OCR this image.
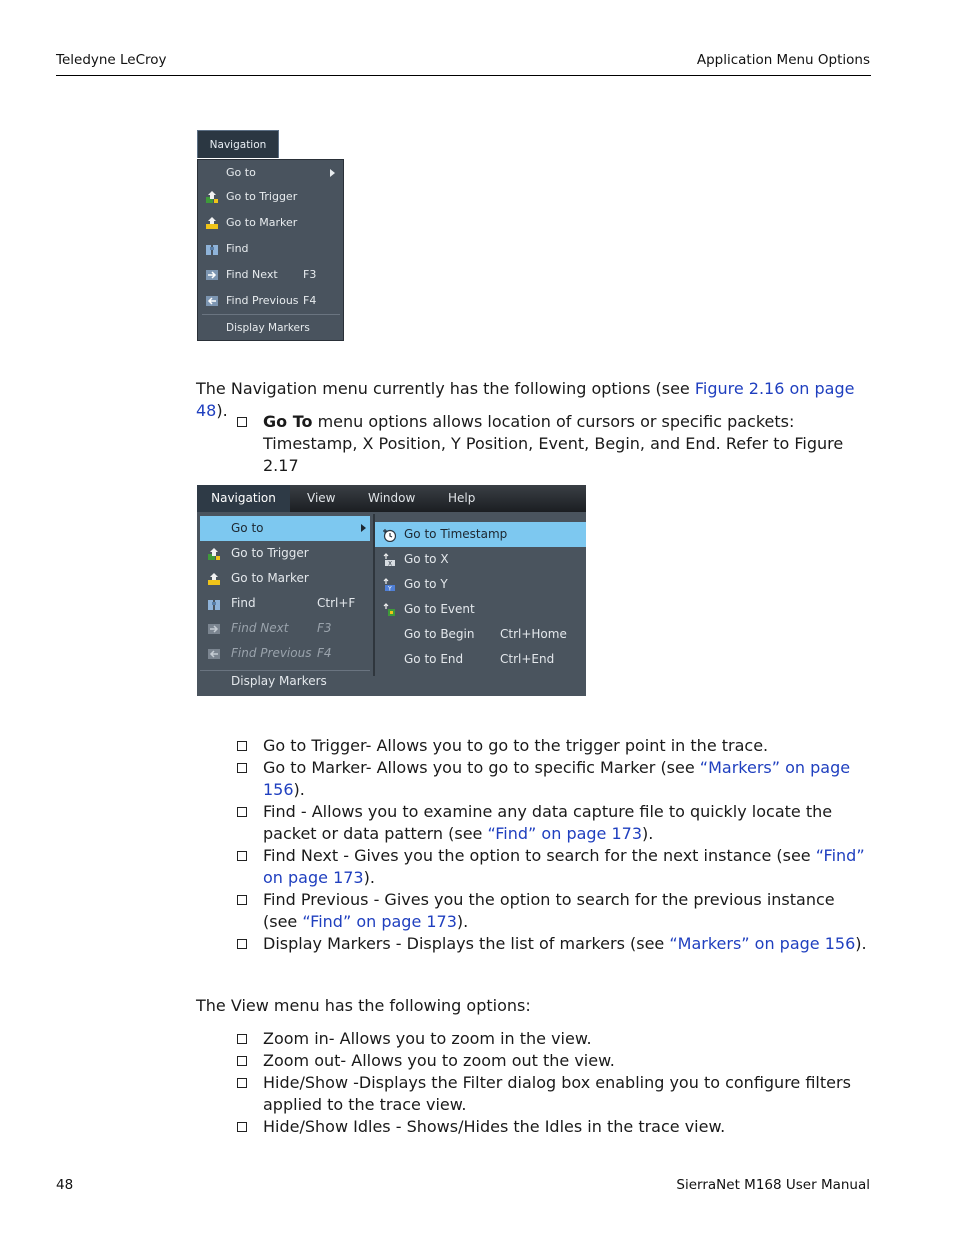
Teledyne LeCroy	Application Menu Options
Navigation
Go to
Go to Trigger
Go to Marker
Find
Find Next F3
Find Previous F4
Display Markers
The Navigation menu currently has the following options (see Figure 2.16 on page 48).
Go To menu options allows location of cursors or specific packets: Timestamp, X Position, Y Position, Event, Begin, and End. Refer to Figure 2.17
Navigation	View	Window	Help
Go to
Go to Trigger
Go to Marker
Find	Ctrl+F
Find Next F3
Find Previous F4
Display Markers
Go to Timestamp
X Go to X
Y Go to Y
Go to Event
Go to Begin Ctrl+Home
Go to End	Ctrl+End
Go to Trigger- Allows you to go to the trigger point in the trace.
Go to Marker- Allows you to go to specific Marker (see “Markers” on page 156).
Find - Allows you to examine any data capture file to quickly locate the packet or data pattern (see “Find” on page 173).
Find Next - Gives you the option to search for the next instance (see “Find” on page 173).
Find Previous - Gives you the option to search for the previous instance (see “Find” on page 173).
Display Markers - Displays the list of markers (see “Markers” on page 156).
The View menu has the following options:
Zoom in- Allows you to zoom in the view.
Zoom out- Allows you to zoom out the view.
Hide/Show -Displays the Filter dialog box enabling you to configure filters applied to the trace view.
Hide/Show Idles - Shows/Hides the Idles in the trace view.
48	SierraNet M168 User Manual
